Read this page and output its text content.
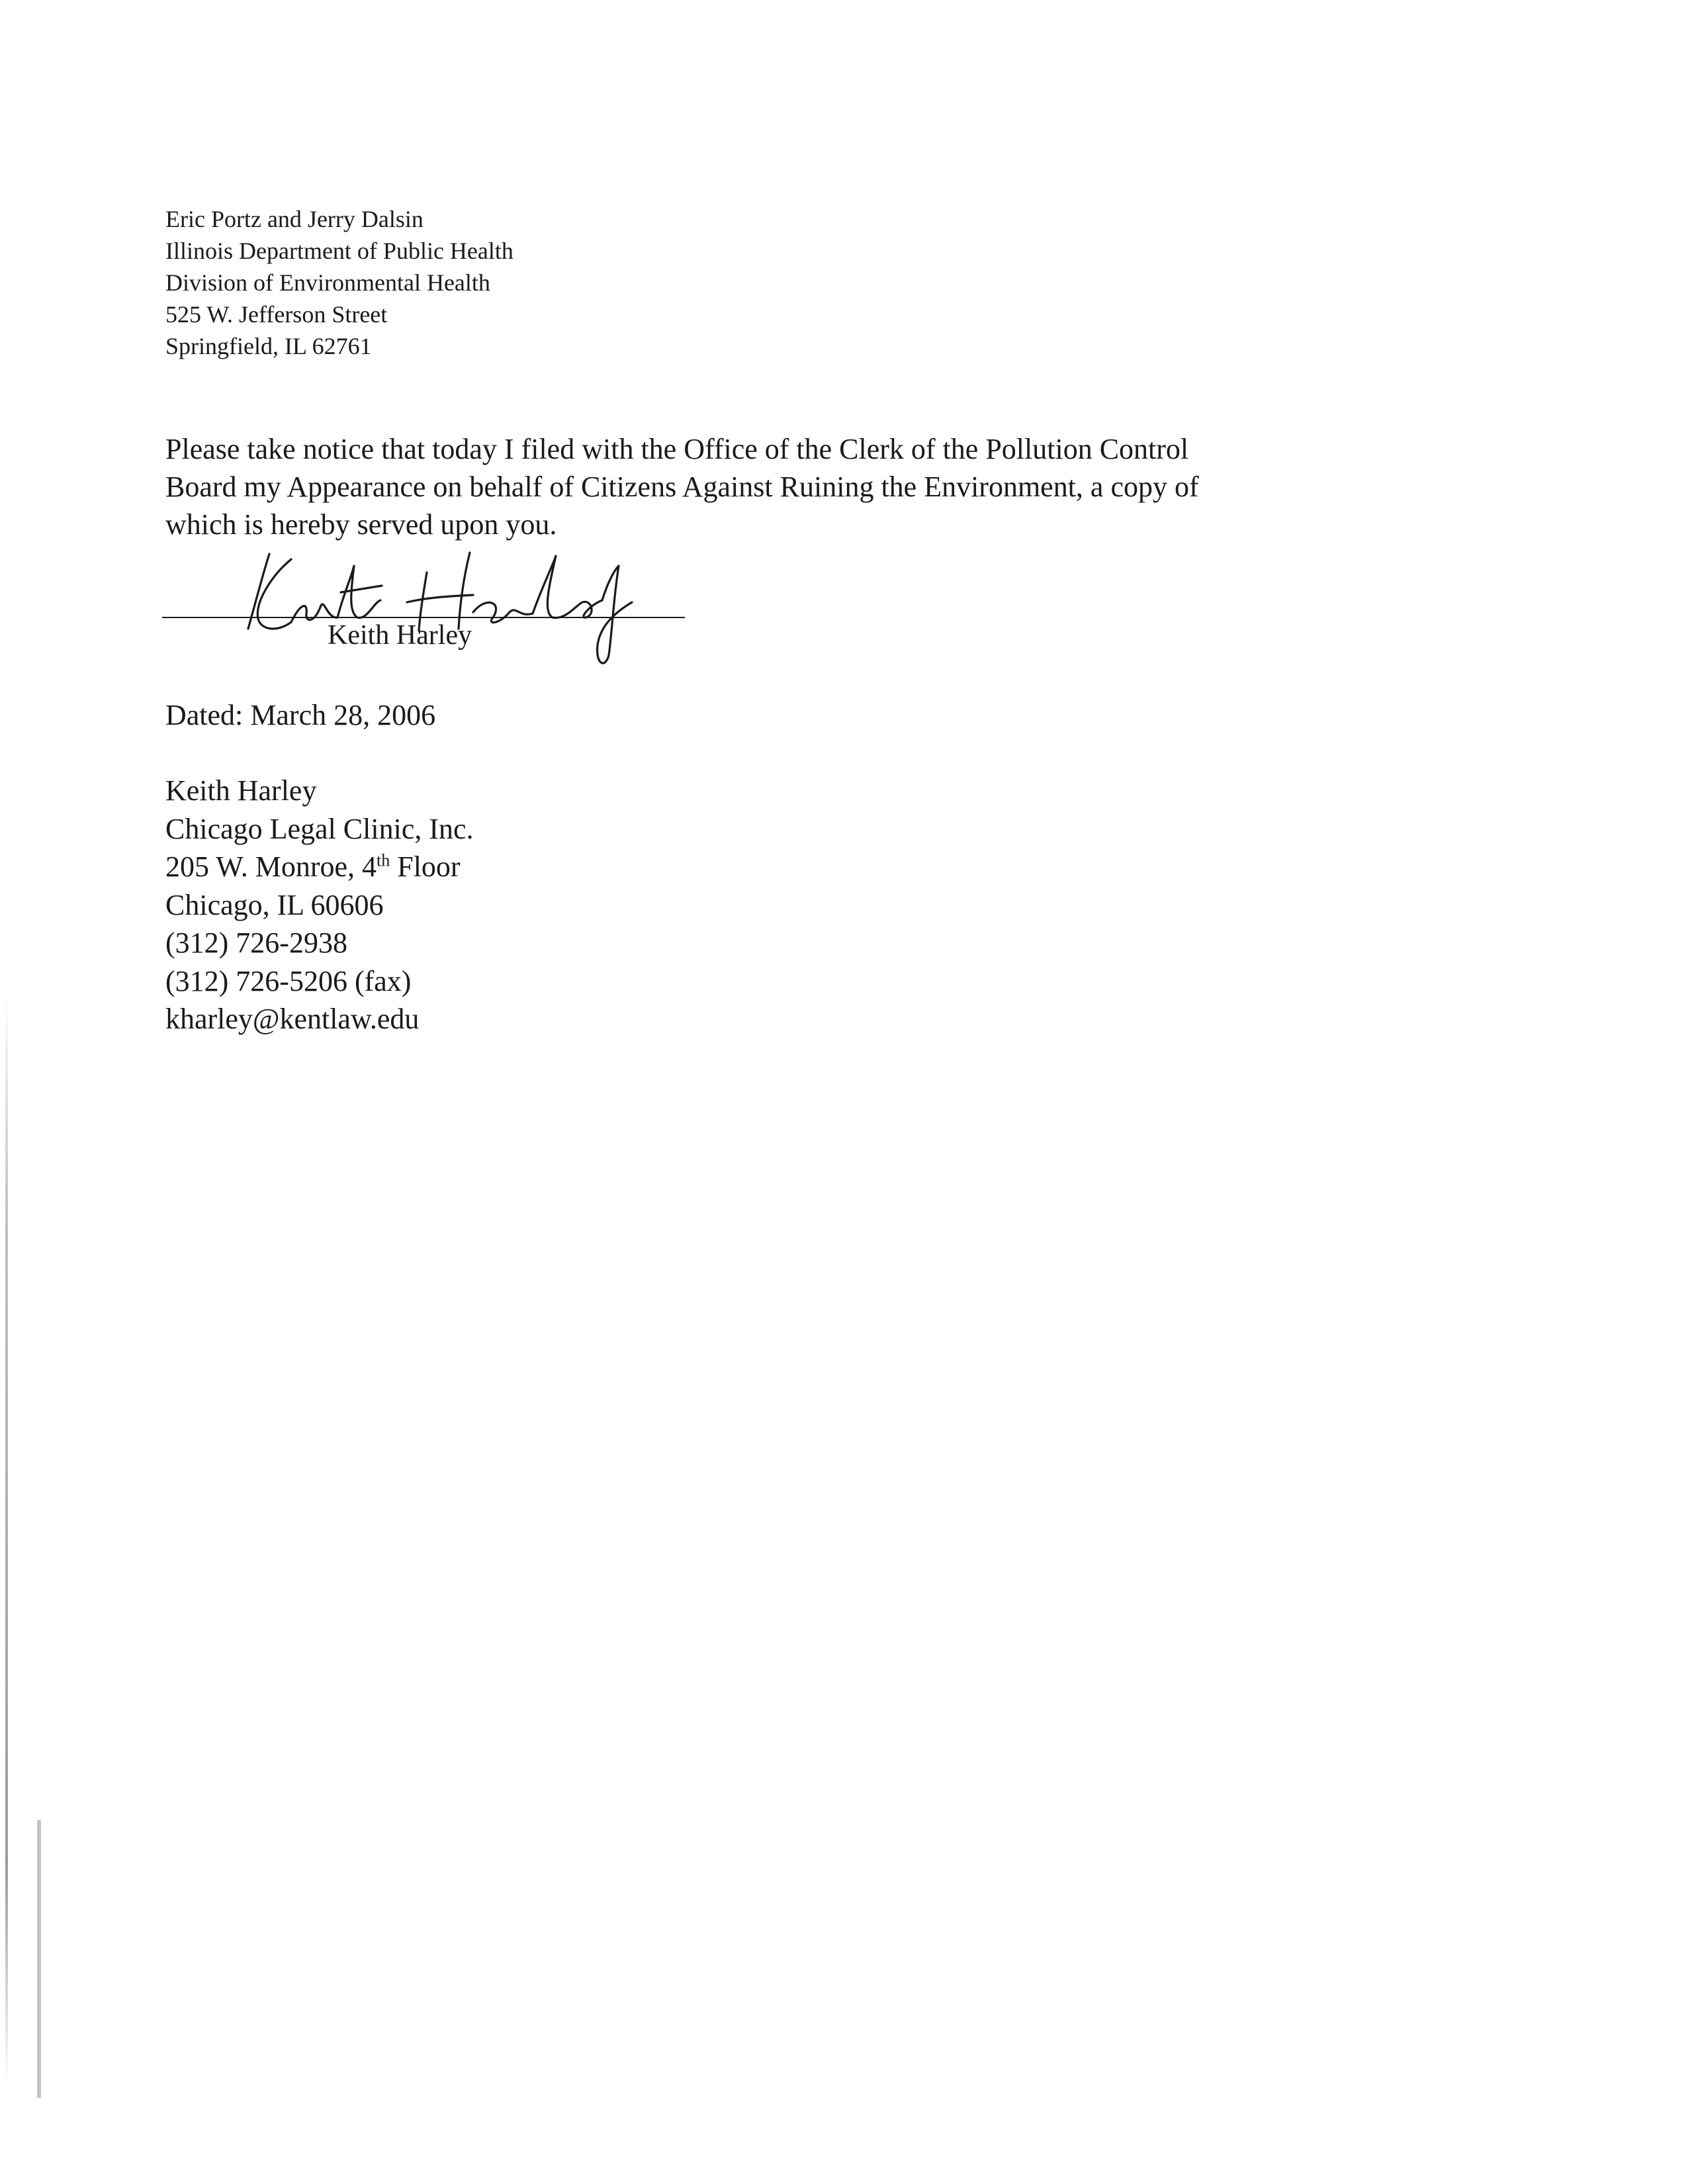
Eric Portz and Jerry Dalsin
Illinois Department of Public Health
Division of Environmental Health
525 W. Jefferson Street
Springfield, IL 62761
Please take notice that today I filed with the Office of the Clerk of the Pollution Control
Board my Appearance on behalf of Citizens Against Ruining the Environment, a copy of
which is hereby served upon you.
Keith Harley
Dated: March 28, 2006
Keith Harley
Chicago Legal Clinic, Inc.
205 W. Monroe, 4th Floor
Chicago, IL 60606
(312) 726-2938
(312) 726-5206 (fax)
kharley@kentlaw.edu
